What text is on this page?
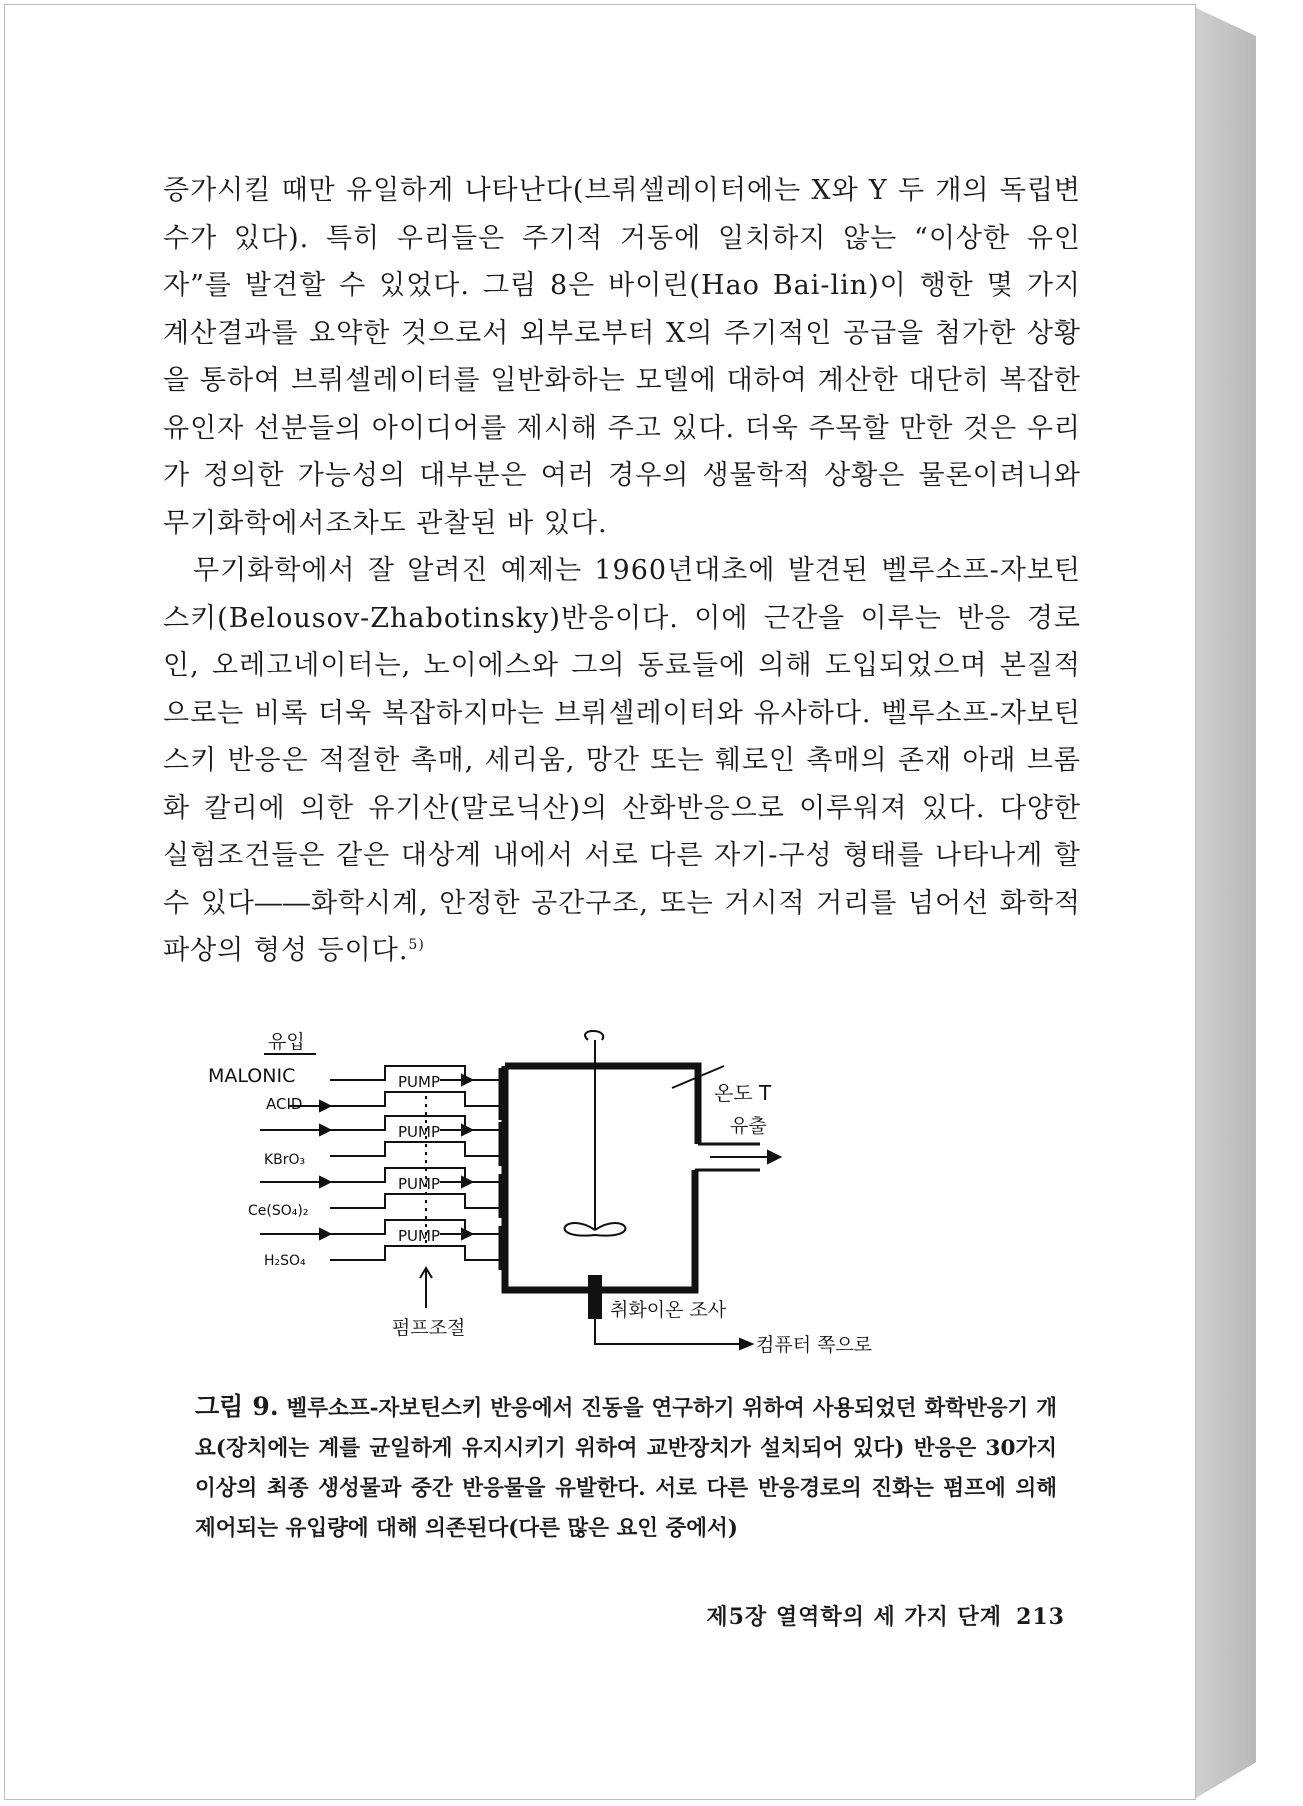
증가시킬 때만 유일하게 나타난다(브뤼셀레이터에는 X와 Y 두 개의 독립변수가 있다). 특히 우리들은 주기적 거동에 일치하지 않는 “이상한 유인자”를 발견할 수 있었다. 그림 8은 바이린(Hao Bai-lin)이 행한 몇 가지 계산결과를 요약한 것으로서 외부로부터 X의 주기적인 공급을 첨가한 상황을 통하여 브뤼셀레이터를 일반화하는 모델에 대하여 계산한 대단히 복잡한 유인자 선분들의 아이디어를 제시해 주고 있다. 더욱 주목할 만한 것은 우리가 정의한 가능성의 대부분은 여러 경우의 생물학적 상황은 물론이려니와 무기화학에서조차도 관찰된 바 있다.

무기화학에서 잘 알려진 예제는 1960년대초에 발견된 벨루소프-자보틴스키(Belousov-Zhabotinsky)반응이다. 이에 근간을 이루는 반응 경로인, 오레고네이터는, 노이에스와 그의 동료들에 의해 도입되었으며 본질적으로는 비록 더욱 복잡하지마는 브뤼셀레이터와 유사하다. 벨루소프-자보틴스키 반응은 적절한 촉매, 세리움, 망간 또는 훼로인 촉매의 존재 아래 브롬화 칼리에 의한 유기산(말로닉산)의 산화반응으로 이루워져 있다. 다양한 실험조건들은 같은 대상계 내에서 서로 다른 자기-구성 형태를 나타나게 할 수 있다――화학시계, 안정한 공간구조, 또는 거시적 거리를 넘어선 화학적 파상의 형성 등이다.$^{5)}$

유입
MALONIC
ACID
KBrO₃
Ce(SO₄)₂
H₂SO₄
PUMP
PUMP
PUMP
PUMP
펌프조절
온도 T
유출
취화이온 조사
컴퓨터 쪽으로
그림 9. 벨루소프-자보틴스키 반응에서 진동을 연구하기 위하여 사용되었던 화학반응기 개요(장치에는 계를 균일하게 유지시키기 위하여 교반장치가 설치되어 있다) 반응은 30가지 이상의 최종 생성물과 중간 반응물을 유발한다. 서로 다른 반응경로의 진화는 펌프에 의해 제어되는 유입량에 대해 의존된다(다른 많은 요인 중에서)
제5장 열역학의 세 가지 단계 213
